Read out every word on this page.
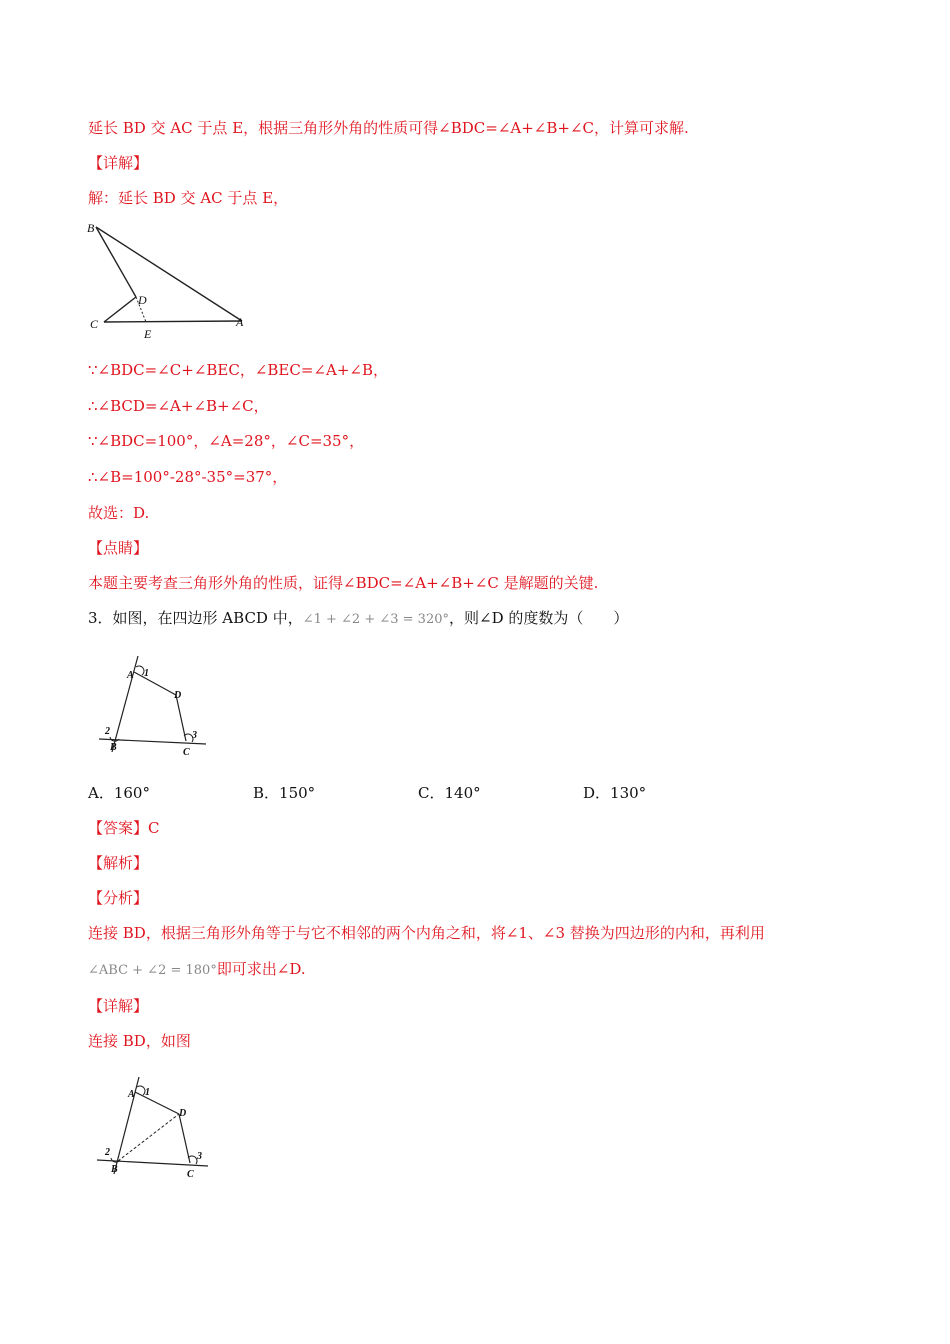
延长 BD 交 AC 于点 E，根据三角形外角的性质可得∠BDC=∠A+∠B+∠C，计算可求解.
【详解】
解：延长 BD 交 AC 于点 E，
B
C
D
E
A
∵∠BDC=∠C+∠BEC，∠BEC=∠A+∠B，
∴∠BCD=∠A+∠B+∠C，
∵∠BDC=100°，∠A=28°，∠C=35°，
∴∠B=100°-28°-35°=37°，
故选：D.
【点睛】
本题主要考查三角形外角的性质，证得∠BDC=∠A+∠B+∠C 是解题的关键.
3．如图，在四边形 ABCD 中，∠1 + ∠2 + ∠3 = 320°，则∠D 的度数为（　　）
A 1
D
2	3
B	C
A．160°	B．150°	C．140°	D．130°
【答案】C
【解析】
【分析】
连接 BD，根据三角形外角等于与它不相邻的两个内角之和，将∠1、∠3 替换为四边形的内和，再利用
∠ABC + ∠2 = 180°即可求出∠D.
【详解】
连接 BD，如图
A 1
D
2	3
B	C
